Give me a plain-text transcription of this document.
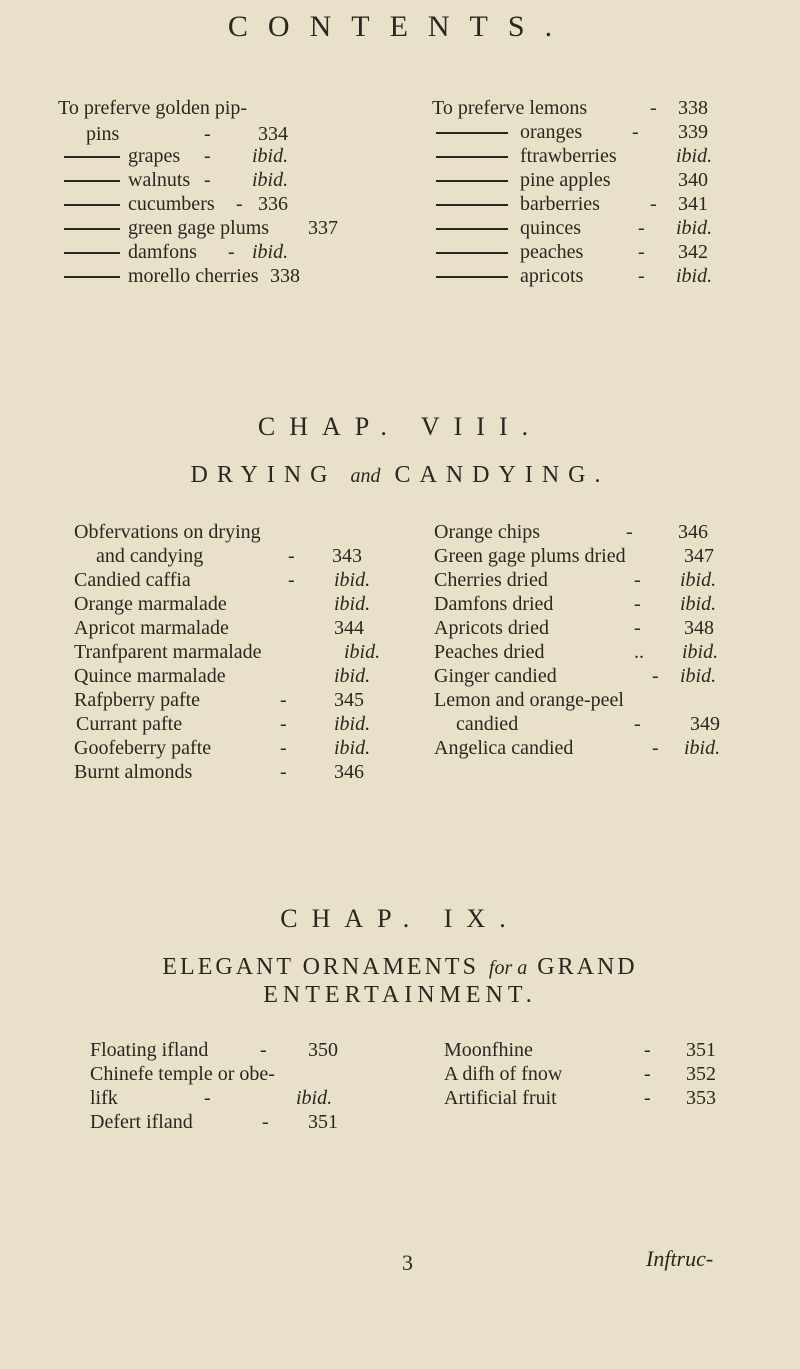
CONTENTS.
To preferve golden pip-
pins	- 334
grapes - ibid.
walnuts - ibid.
cucumbers - 336
green gage plums 337
damfons - ibid.
morello cherries 338
To preferve lemons	- 338
oranges - 339
ftrawberries	ibid.
pine apples	340
barberries	- 341
quinces	- ibid.
peaches	- 342
apricots	- ibid.
CHAP. VIII.
DRYING and CANDYING.
Obfervations on drying
and candying	- 343
Candied caffia	- ibid.
Orange marmalade	ibid.
Apricot marmalade	344
Tranfparent marmalade	ibid.
Quince marmalade	ibid.
Rafpberry pafte	- 345
Currant pafte	- ibid.
Goofeberry pafte	- ibid.
Burnt almonds	- 346
Orange chips	- 346
Green gage plums dried	347
Cherries dried	- ibid.
Damfons dried	- ibid.
Apricots dried	- 348
Peaches dried	.. ibid.
Ginger candied	- ibid.
Lemon and orange-peel
candied	- 349
Angelica candied	- ibid.
CHAP. IX.
ELEGANT ORNAMENTS for a GRAND
ENTERTAINMENT.
Floating ifland	- 350
Chinefe temple or obe-
lifk	-	ibid.
Defert ifland	- 351
Moonfhine	- 351
A difh of fnow	- 352
Artificial fruit	- 353
3	Inftruc-
